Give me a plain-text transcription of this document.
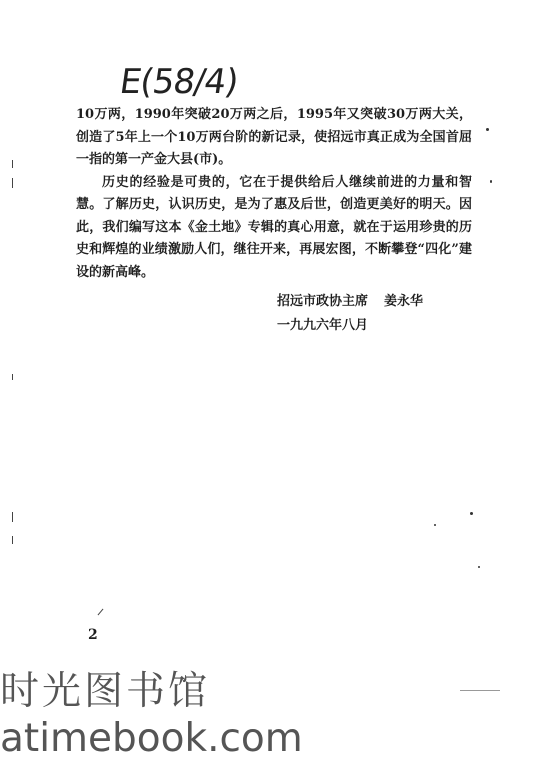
E(58/4)

10万两，1990年突破20万两之后，1995年又突破30万两大关，创造了5年上一个10万两台阶的新记录，使招远市真正成为全国首屈一指的第一产金大县(市)。

历史的经验是可贵的，它在于提供给后人继续前进的力量和智慧。了解历史，认识历史，是为了惠及后世，创造更美好的明天。因此，我们编写这本《金土地》专辑的真心用意，就在于运用珍贵的历史和辉煌的业绩激励人们，继往开来，再展宏图，不断攀登“四化”建设的新高峰。

招远市政协主席 姜永华
一九九六年八月
2
时光图书馆
atimebook.com
